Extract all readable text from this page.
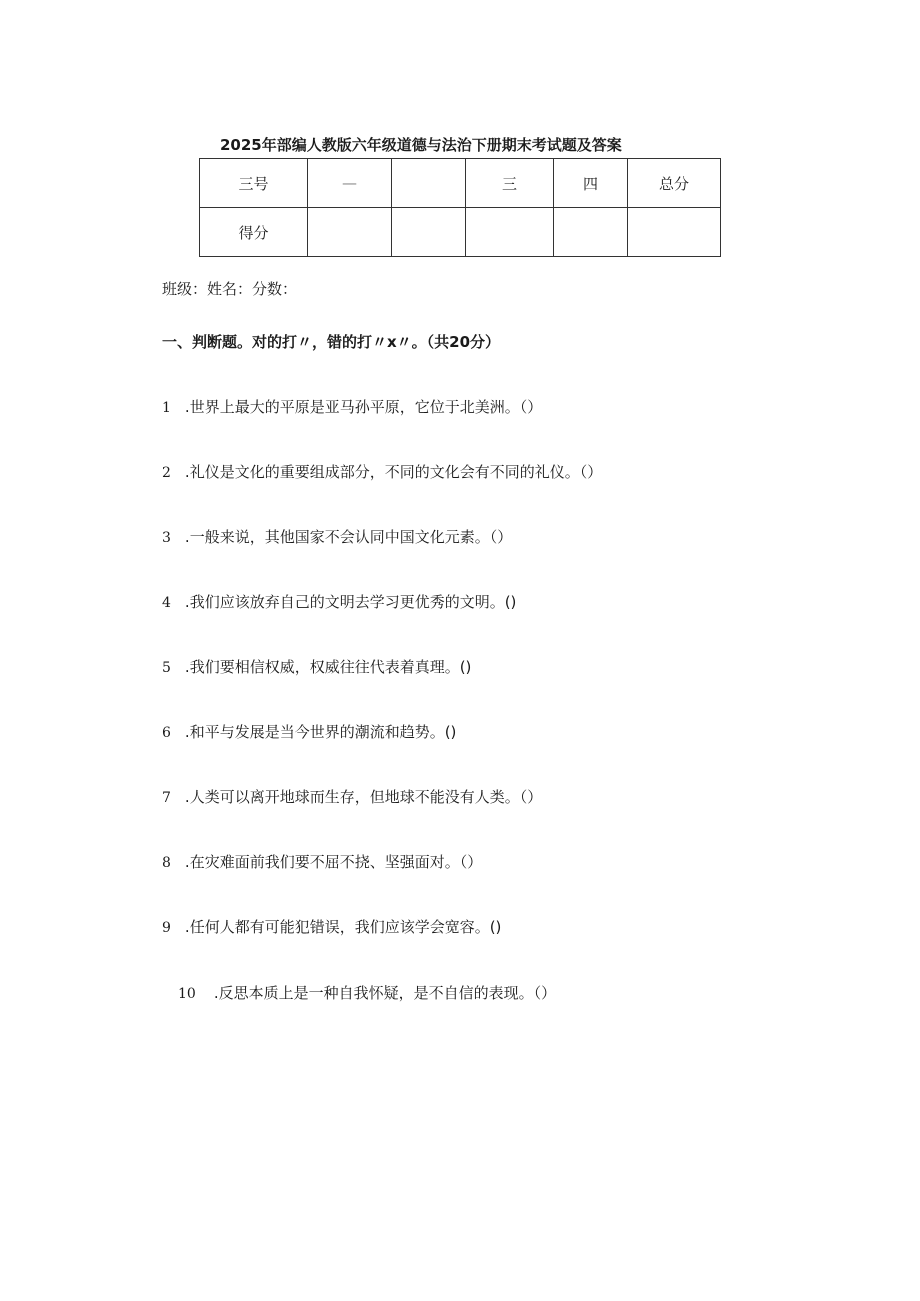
2025年部编人教版六年级道德与法治下册期末考试题及答案
三号	—		三	四	总分
得分					
班级：姓名：分数：
一、判断题。对的打〃，错的打〃x〃。（共20分）
1 .世界上最大的平原是亚马孙平原，它位于北美洲。（）
2 .礼仪是文化的重要组成部分，不同的文化会有不同的礼仪。（）
3 .一般来说，其他国家不会认同中国文化元素。（）
4 .我们应该放弃自己的文明去学习更优秀的文明。()
5 .我们要相信权威，权威往往代表着真理。()
6 .和平与发展是当今世界的潮流和趋势。()
7 .人类可以离开地球而生存，但地球不能没有人类。（）
8 .在灾难面前我们要不屈不挠、坚强面对。（）
9 .任何人都有可能犯错误，我们应该学会宽容。()
10 .反思本质上是一种自我怀疑，是不自信的表现。（）
